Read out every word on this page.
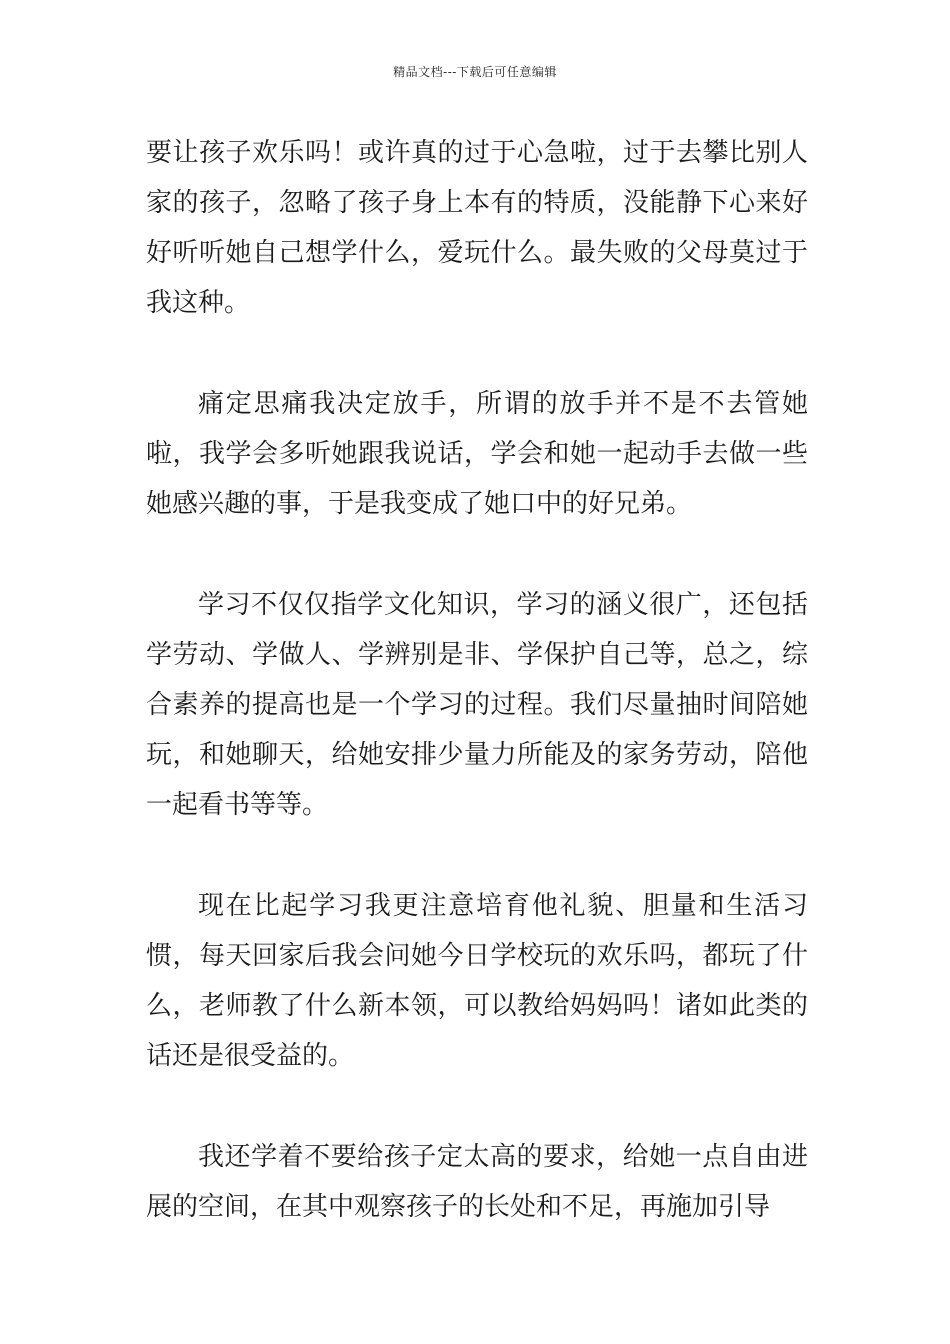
精品文档---下载后可任意编辑

要让孩子欢乐吗！或许真的过于心急啦，过于去攀比别人家的孩子，忽略了孩子身上本有的特质，没能静下心来好好听听她自己想学什么，爱玩什么。最失败的父母莫过于我这种。

痛定思痛我决定放手，所谓的放手并不是不去管她啦，我学会多听她跟我说话，学会和她一起动手去做一些她感兴趣的事，于是我变成了她口中的好兄弟。

学习不仅仅指学文化知识，学习的涵义很广，还包括学劳动、学做人、学辨别是非、学保护自己等，总之，综合素养的提高也是一个学习的过程。我们尽量抽时间陪她玩，和她聊天，给她安排少量力所能及的家务劳动，陪他一起看书等等。

现在比起学习我更注意培育他礼貌、胆量和生活习惯，每天回家后我会问她今日学校玩的欢乐吗，都玩了什么，老师教了什么新本领，可以教给妈妈吗！诸如此类的话还是很受益的。

我还学着不要给孩子定太高的要求，给她一点自由进展的空间，在其中观察孩子的长处和不足，再施加引导
